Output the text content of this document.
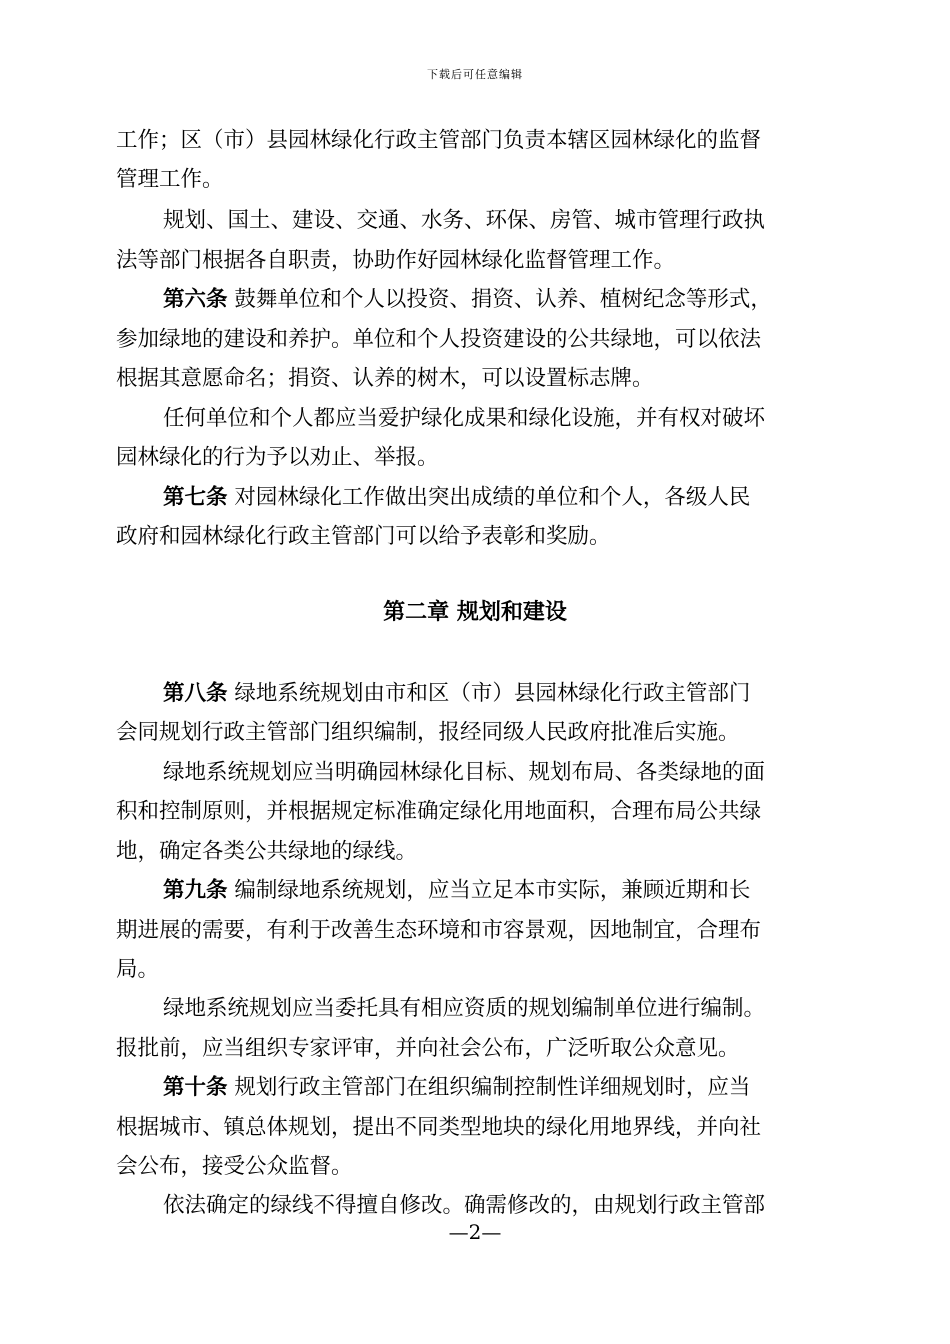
下载后可任意编辑
工作；区（市）县园林绿化行政主管部门负责本辖区园林绿化的监督
管理工作。
规划、国土、建设、交通、水务、环保、房管、城市管理行政执
法等部门根据各自职责，协助作好园林绿化监督管理工作。
第六条 鼓舞单位和个人以投资、捐资、认养、植树纪念等形式，
参加绿地的建设和养护。单位和个人投资建设的公共绿地，可以依法
根据其意愿命名；捐资、认养的树木，可以设置标志牌。
任何单位和个人都应当爱护绿化成果和绿化设施，并有权对破坏
园林绿化的行为予以劝止、举报。
第七条 对园林绿化工作做出突出成绩的单位和个人，各级人民
政府和园林绿化行政主管部门可以给予表彰和奖励。
第二章 规划和建设
第八条 绿地系统规划由市和区（市）县园林绿化行政主管部门
会同规划行政主管部门组织编制，报经同级人民政府批准后实施。
绿地系统规划应当明确园林绿化目标、规划布局、各类绿地的面
积和控制原则，并根据规定标准确定绿化用地面积，合理布局公共绿
地，确定各类公共绿地的绿线。
第九条 编制绿地系统规划，应当立足本市实际，兼顾近期和长
期进展的需要，有利于改善生态环境和市容景观，因地制宜，合理布
局。
绿地系统规划应当委托具有相应资质的规划编制单位进行编制。
报批前，应当组织专家评审，并向社会公布，广泛听取公众意见。
第十条 规划行政主管部门在组织编制控制性详细规划时，应当
根据城市、镇总体规划，提出不同类型地块的绿化用地界线，并向社
会公布，接受公众监督。
依法确定的绿线不得擅自修改。确需修改的，由规划行政主管部
—2—
